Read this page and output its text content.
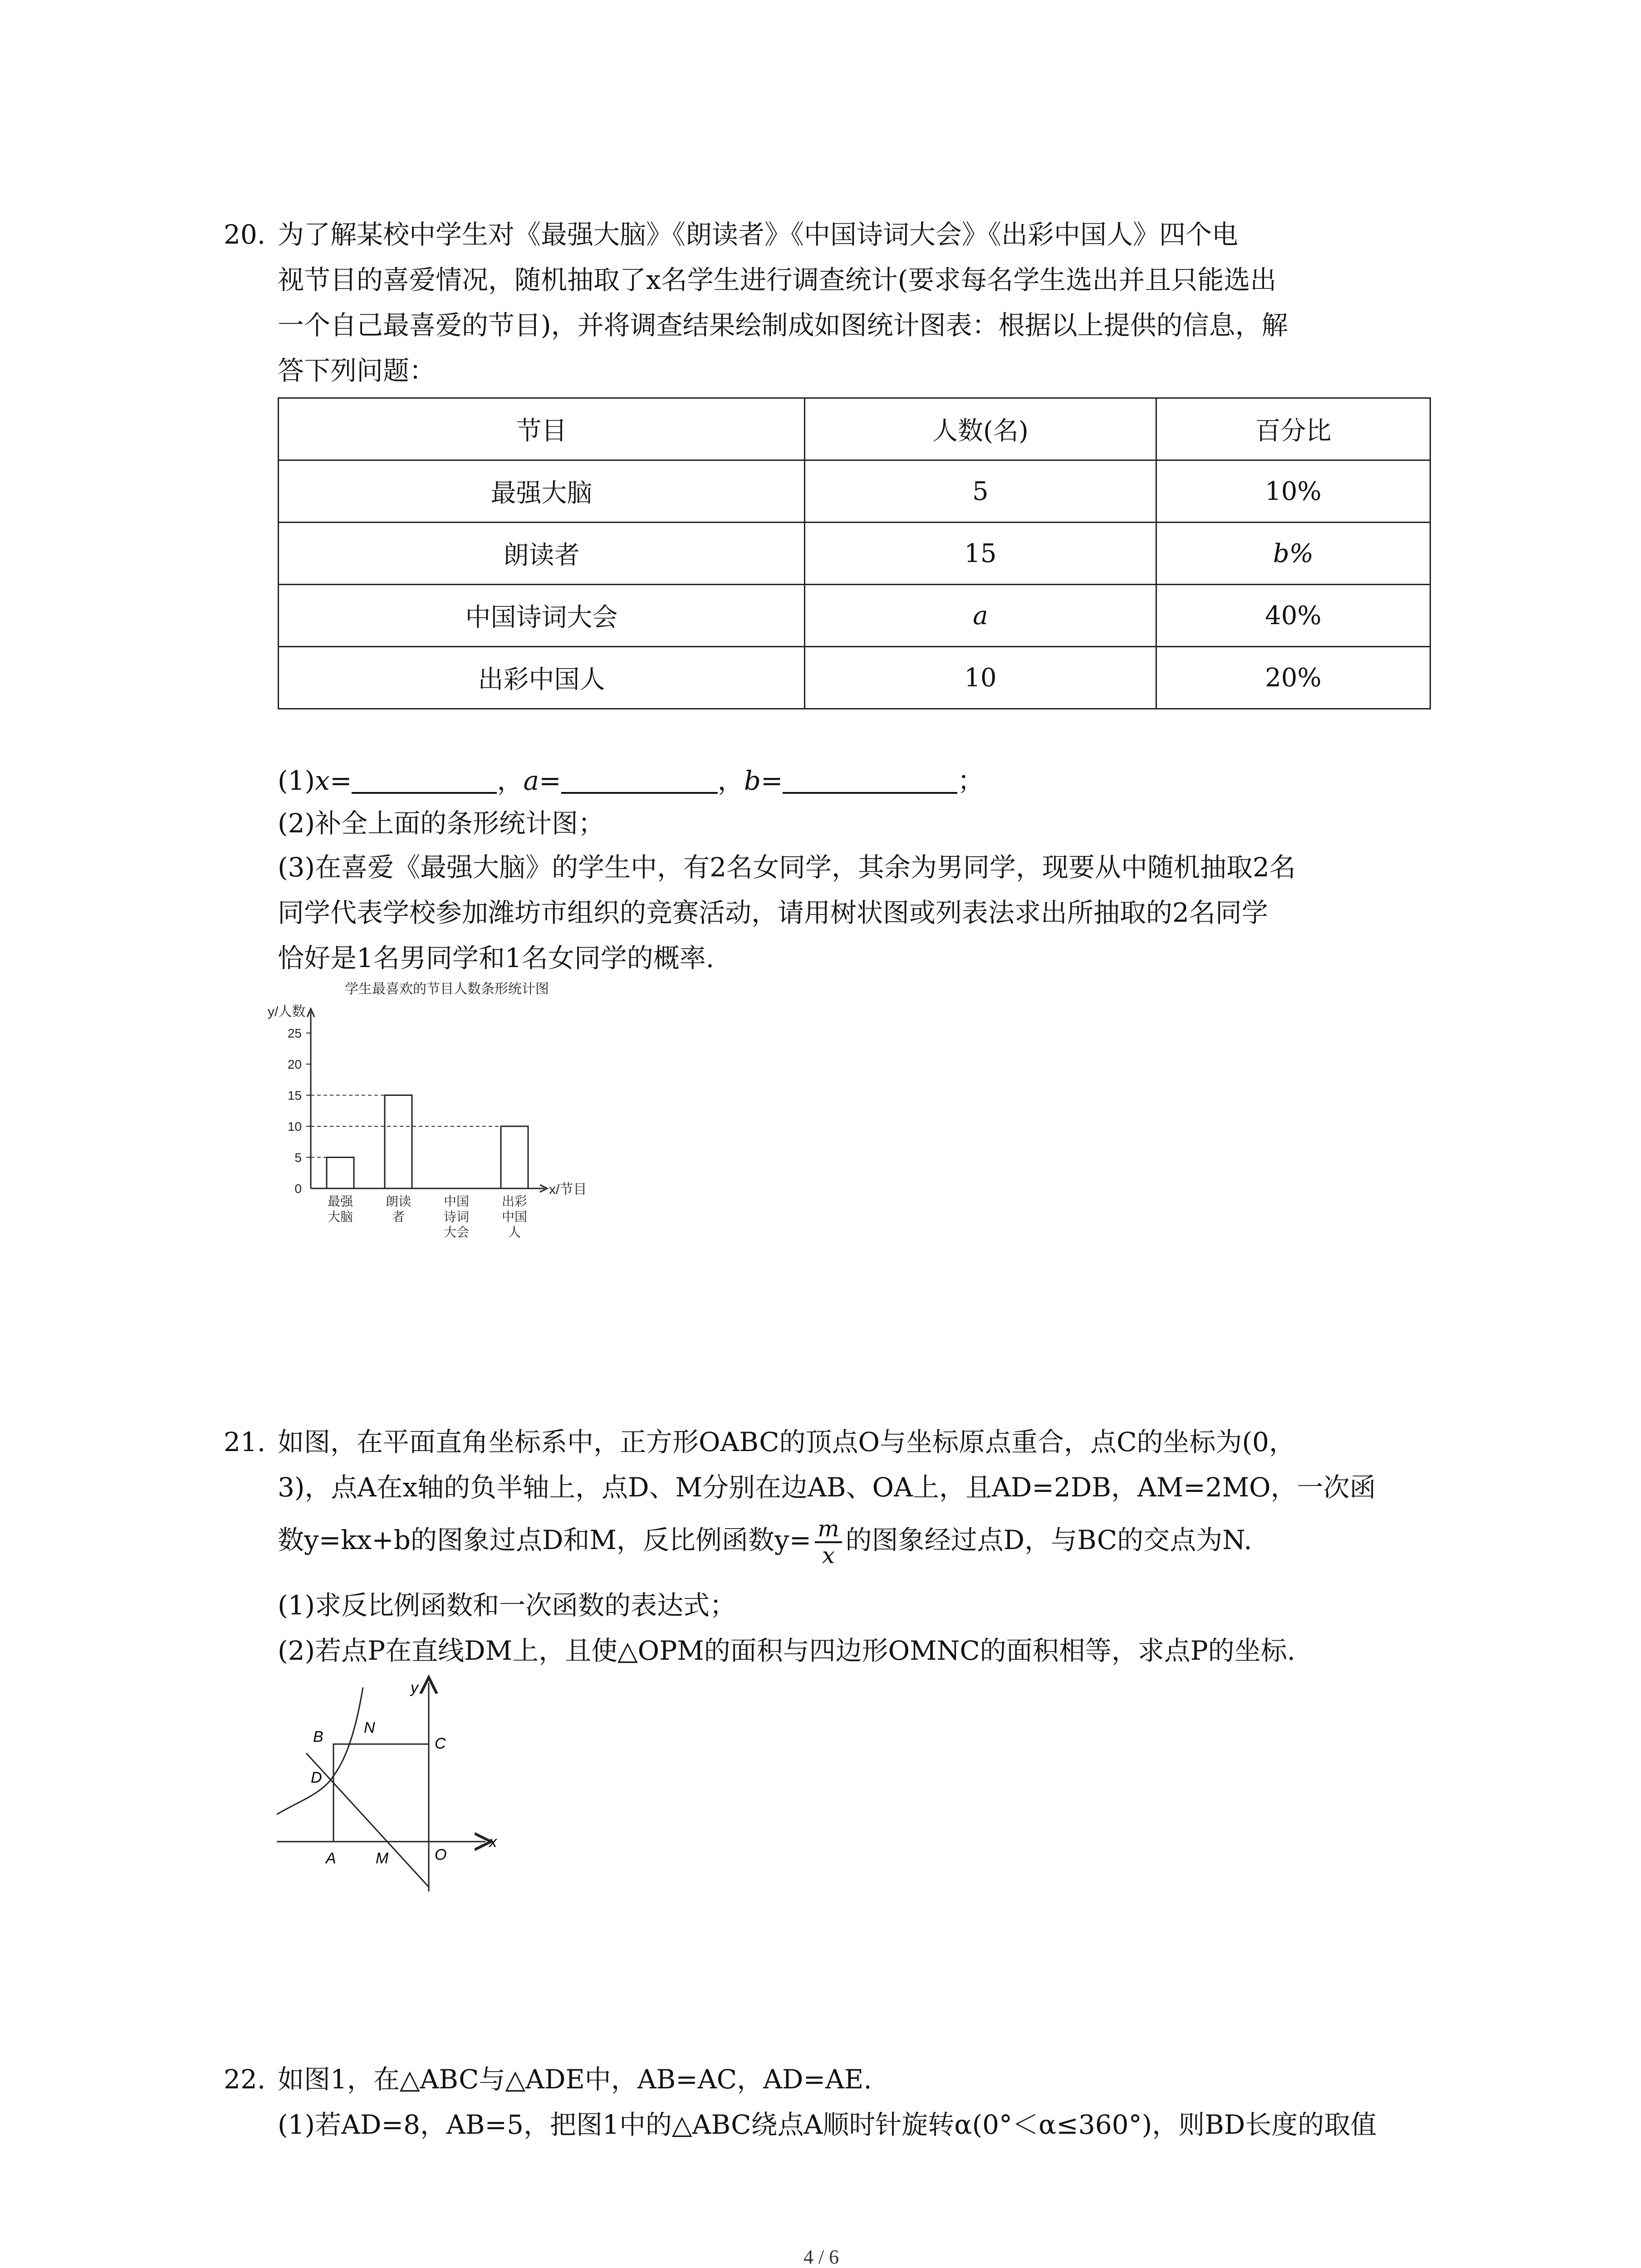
20. 为了解某校中学生对《最强大脑》《朗读者》《中国诗词大会》《出彩中国人》四个电
视节目的喜爱情况，随机抽取了x名学生进行调查统计(要求每名学生选出并且只能选出
一个自己最喜爱的节目)，并将调查结果绘制成如图统计图表：根据以上提供的信息，解
答下列问题：
节目	人数(名)	百分比
最强大脑	5	10%
朗读者	15	b%
中国诗词大会	a	40%
出彩中国人	10	20%
(1)x=	，a=	，b=	；
(2)补全上面的条形统计图；
(3)在喜爱《最强大脑》的学生中，有2名女同学，其余为男同学，现要从中随机抽取2名
同学代表学校参加潍坊市组织的竞赛活动，请用树状图或列表法求出所抽取的2名同学
恰好是1名男同学和1名女同学的概率.
学生最喜欢的节目人数条形统计图
y/人数
x/节目
0
5
10
15
20
25
最强
大脑
朗读
者
中国
诗词
大会
出彩
中国
人
21. 如图，在平面直角坐标系中，正方形OABC的顶点O与坐标原点重合，点C的坐标为(0，
3)，点A在x轴的负半轴上，点D、M分别在边AB、OA上，且AD=2DB，AM=2MO，一次函
数y=kx+b的图象过点D和M，反比例函数$y= \frac{m}{x}$ 的图象经过点D，与BC的交点为N.
(1)求反比例函数和一次函数的表达式；
(2)若点P在直线DM上，且使△OPM的面积与四边形OMNC的面积相等，求点P的坐标.
y
x
B
N
C
D
A	M	O
22. 如图1，在△ABC与△ADE中，AB=AC，AD=AE.
(1)若AD=8，AB=5，把图1中的△ABC绕点A顺时针旋转α(0°＜α≤360°)，则BD长度的取值
4 / 6
